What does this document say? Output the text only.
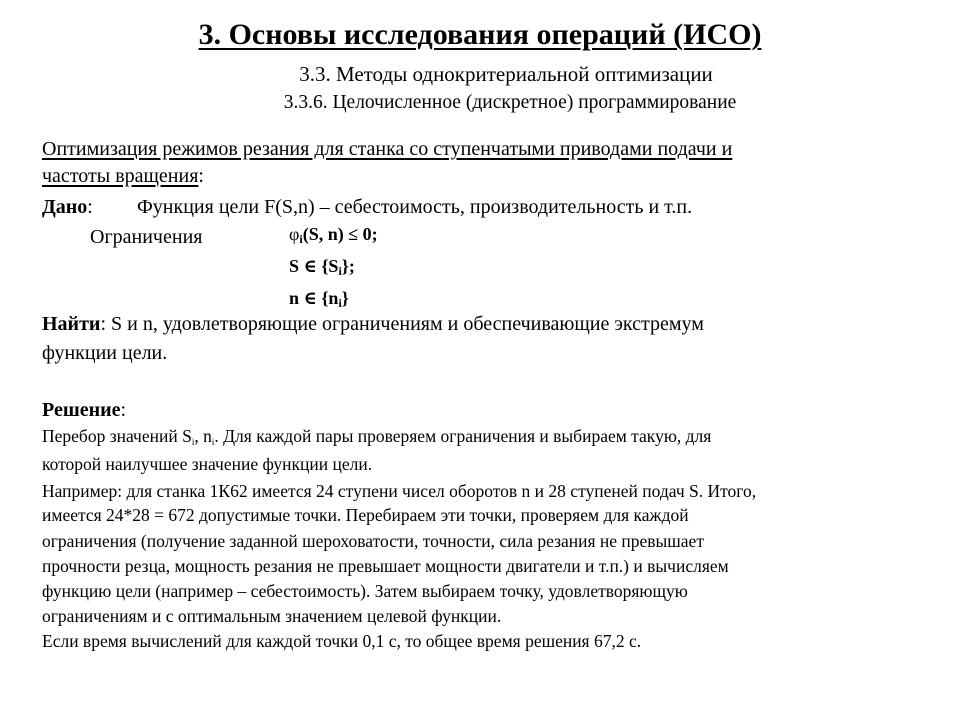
3. Основы исследования операций (ИСО)
3.3. Методы однокритериальной оптимизации
3.3.6. Целочисленное (дискретное) программирование
Оптимизация режимов резания для станка со ступенчатыми приводами подачи и
частоты вращения:
Дано: Функция цели F(S,n) – себестоимость, производительность и т.п.
Ограничения	$\varphi_i(S$, n) ≤ 0;
S ∈ $\{S_i\}$;
n ∈ $\{n_i\}$
Найти: S и n, удовлетворяющие ограничениям и обеспечивающие экстремум
функции цели.
Решение:
Перебор значений Si, ni. Для каждой пары проверяем ограничения и выбираем такую, для
которой наилучшее значение функции цели.
Например: для станка 1К62 имеется 24 ступени чисел оборотов n и 28 ступеней подач S. Итого,
имеется 24*28 = 672 допустимые точки. Перебираем эти точки, проверяем для каждой
ограничения (получение заданной шероховатости, точности, сила резания не превышает
прочности резца, мощность резания не превышает мощности двигатели и т.п.) и вычисляем
функцию цели (например – себестоимость). Затем выбираем точку, удовлетворяющую
ограничениям и с оптимальным значением целевой функции.
Если время вычислений для каждой точки 0,1 с, то общее время решения 67,2 с.
